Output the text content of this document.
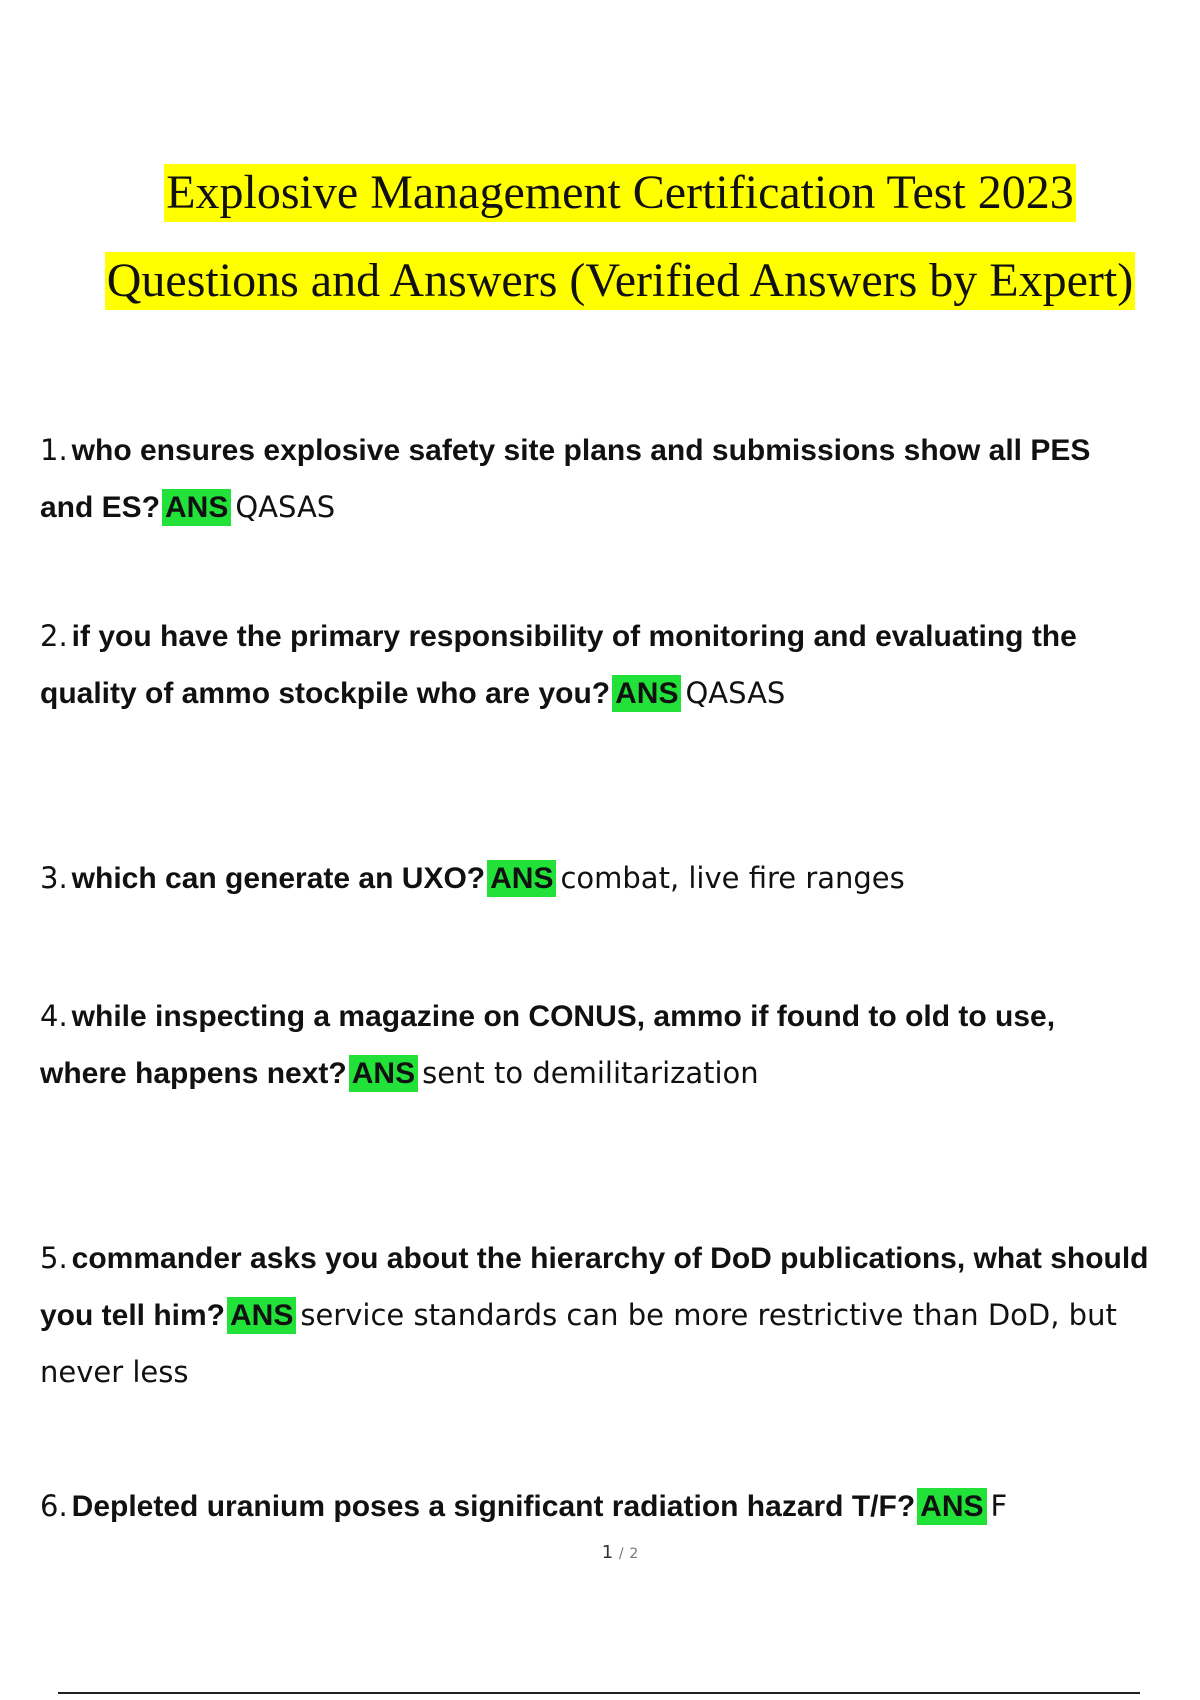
Explosive Management Certification Test 2023
Questions and Answers (Verified Answers by Expert)
1. who ensures explosive safety site plans and submissions show all PES and ES? ANS QASAS
2. if you have the primary responsibility of monitoring and evaluating the quality of ammo stockpile who are you? ANS QASAS
3. which can generate an UXO? ANS combat, live fire ranges
4. while inspecting a magazine on CONUS, ammo if found to old to use, where happens next? ANS sent to demilitarization
5. commander asks you about the hierarchy of DoD publications, what should you tell him? ANS service standards can be more restrictive than DoD, but never less
6. Depleted uranium poses a significant radiation hazard T/F? ANS F
1 / 2
